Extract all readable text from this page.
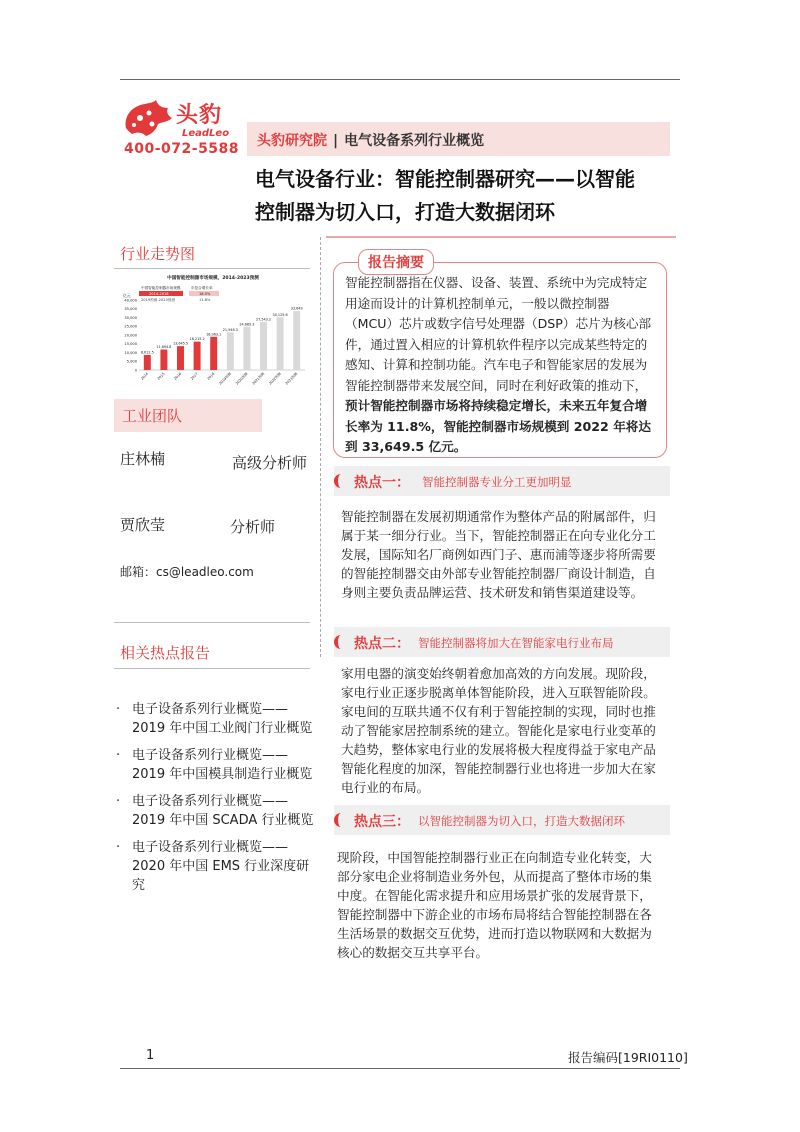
头豹
LeadLeo
400-072-5588	头豹研究院 | 电气设备系列行业概览
电气设备行业：智能控制器研究——以智能
控制器为切入口，打造大数据闭环
行业走势图
中国智能控制器市场规模，2014-2023预测
中国智能控制器市场规模	年复合增长率
2014-2018	18.5%
2019预测-2023预测	11.8%
亿元
0
5,000
10,000
15,000
20,000
25,000
30,000
35,000
40,000
8,612.5
2014
11,694.8
2015
13,645.5
2016
16,215.2
2017
18,963.1
2018
21,548.3
2019预测
24,689.3
2020预测
27,543.2
2021预测
30,125.6
2022预测
33,649
2023预测
工业团队
庄林楠	高级分析师
贾欣莹	分析师
邮箱：cs@leadleo.com
相关热点报告
· 电子设备系列行业概览——2019 年中国工业阀门行业概览
· 电子设备系列行业概览——2019 年中国模具制造行业概览
· 电子设备系列行业概览——2019 年中国 SCADA 行业概览
· 电子设备系列行业概览——2020 年中国 EMS 行业深度研究
智能控制器指在仪器、设备、装置、系统中为完成特定用途而设计的计算机控制单元，一般以微控制器（MCU）芯片或数字信号处理器（DSP）芯片为核心部件，通过置入相应的计算机软件程序以完成某些特定的感知、计算和控制功能。汽车电子和智能家居的发展为智能控制器带来发展空间，同时在利好政策的推动下，预计智能控制器市场将持续稳定增长，未来五年复合增长率为 11.8%，智能控制器市场规模到 2022 年将达到 33,649.5 亿元。
报告摘要
热点一： 智能控制器专业分工更加明显
智能控制器在发展初期通常作为整体产品的附属部件，归属于某一细分行业。当下，智能控制器正在向专业化分工发展，国际知名厂商例如西门子、惠而浦等逐步将所需要的智能控制器交由外部专业智能控制器厂商设计制造，自身则主要负责品牌运营、技术研发和销售渠道建设等。
热点二： 智能控制器将加大在智能家电行业布局
家用电器的演变始终朝着愈加高效的方向发展。现阶段，家电行业正逐步脱离单体智能阶段，进入互联智能阶段。家电间的互联共通不仅有利于智能控制的实现，同时也推动了智能家居控制系统的建立。智能化是家电行业变革的大趋势，整体家电行业的发展将极大程度得益于家电产品智能化程度的加深，智能控制器行业也将进一步加大在家电行业的布局。
热点三： 以智能控制器为切入口，打造大数据闭环
现阶段，中国智能控制器行业正在向制造专业化转变，大部分家电企业将制造业务外包，从而提高了整体市场的集中度。在智能化需求提升和应用场景扩张的发展背景下，智能控制器中下游企业的市场布局将结合智能控制器在各生活场景的数据交互优势，进而打造以物联网和大数据为核心的数据交互共享平台。
1	报告编码[19RI0110]
